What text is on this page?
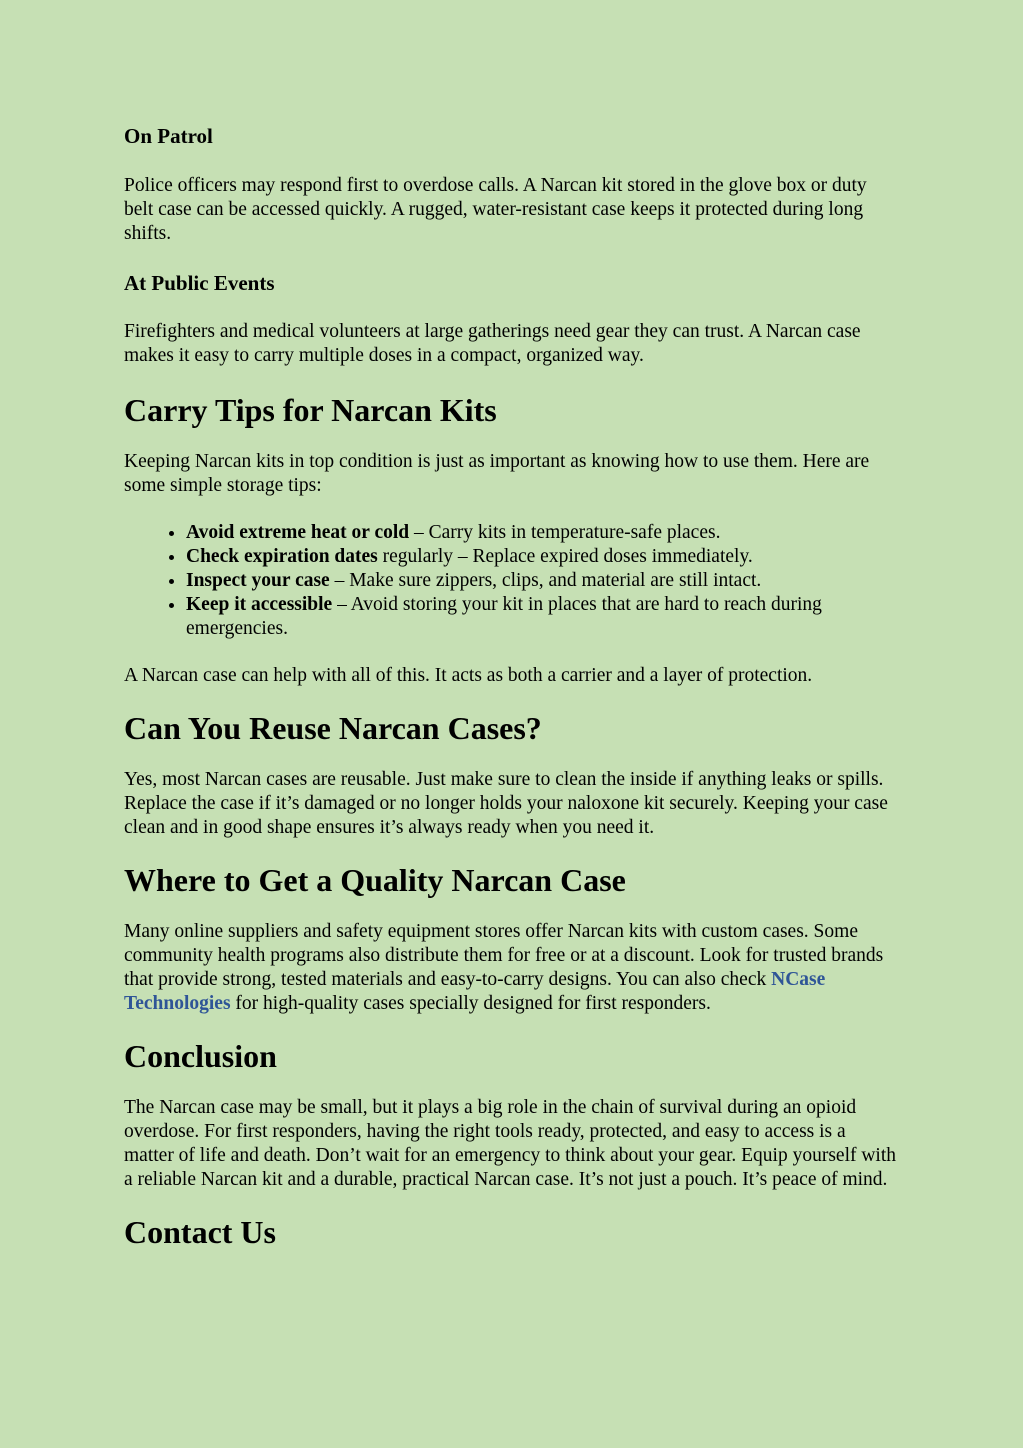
On Patrol

Police officers may respond first to overdose calls. A Narcan kit stored in the glove box or duty belt case can be accessed quickly. A rugged, water-resistant case keeps it protected during long shifts.

At Public Events

Firefighters and medical volunteers at large gatherings need gear they can trust. A Narcan case makes it easy to carry multiple doses in a compact, organized way.

Carry Tips for Narcan Kits

Keeping Narcan kits in top condition is just as important as knowing how to use them. Here are some simple storage tips:

• Avoid extreme heat or cold – Carry kits in temperature-safe places.
• Check expiration dates regularly – Replace expired doses immediately.
• Inspect your case – Make sure zippers, clips, and material are still intact.
• Keep it accessible – Avoid storing your kit in places that are hard to reach during emergencies.

A Narcan case can help with all of this. It acts as both a carrier and a layer of protection.

Can You Reuse Narcan Cases?

Yes, most Narcan cases are reusable. Just make sure to clean the inside if anything leaks or spills. Replace the case if it’s damaged or no longer holds your naloxone kit securely. Keeping your case clean and in good shape ensures it’s always ready when you need it.

Where to Get a Quality Narcan Case

Many online suppliers and safety equipment stores offer Narcan kits with custom cases. Some community health programs also distribute them for free or at a discount. Look for trusted brands that provide strong, tested materials and easy-to-carry designs. You can also check NCase Technologies for high-quality cases specially designed for first responders.

Conclusion

The Narcan case may be small, but it plays a big role in the chain of survival during an opioid overdose. For first responders, having the right tools ready, protected, and easy to access is a matter of life and death. Don’t wait for an emergency to think about your gear. Equip yourself with a reliable Narcan kit and a durable, practical Narcan case. It’s not just a pouch. It’s peace of mind.

Contact Us
